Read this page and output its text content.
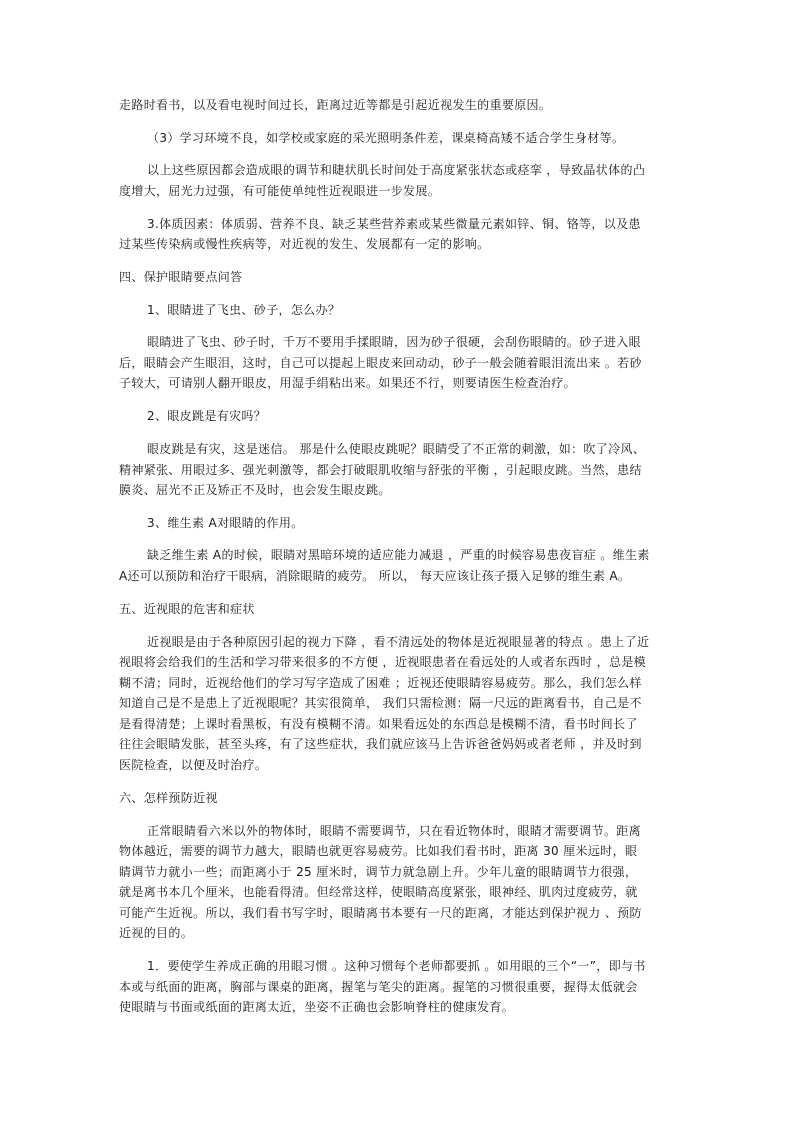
走路时看书，以及看电视时间过长，距离过近等都是引起近视发生的重要原因。
（3）学习环境不良，如学校或家庭的采光照明条件差，课桌椅高矮不适合学生身材等。
以上这些原因都会造成眼的调节和睫状肌长时间处于高度紧张状态或痉挛 ，导致晶状体的凸
度增大，屈光力过强，有可能使单纯性近视眼进一步发展。
3.体质因素：体质弱、营养不良、缺乏某些营养素或某些微量元素如锌、铜、铬等，以及患
过某些传染病或慢性疾病等，对近视的发生、发展都有一定的影响。
四、保护眼睛要点问答
1、眼睛进了飞虫、砂子，怎么办？
眼睛进了飞虫、砂子时，千万不要用手揉眼睛，因为砂子很硬，会刮伤眼睛的。砂子进入眼
后，眼睛会产生眼泪，这时，自己可以提起上眼皮来回动动，砂子一般会随着眼泪流出来 。若砂
子较大，可请别人翻开眼皮，用湿手绢粘出来。如果还不行，则要请医生检查治疗。
2、眼皮跳是有灾吗？
眼皮跳是有灾，这是迷信。 那是什么使眼皮跳呢？眼睛受了不正常的刺激，如：吹了冷风、
精神紧张、用眼过多、强光刺激等，都会打破眼肌收缩与舒张的平衡 ，引起眼皮跳。当然，患结
膜炎、屈光不正及矫正不及时，也会发生眼皮跳。
3、维生素 A对眼睛的作用。
缺乏维生素 A的时候，眼睛对黑暗环境的适应能力减退 ，严重的时候容易患夜盲症 。维生素
A还可以预防和治疗干眼病，消除眼睛的疲劳。 所以， 每天应该让孩子摄入足够的维生素 A。
五、近视眼的危害和症状
近视眼是由于各种原因引起的视力下降 ，看不清远处的物体是近视眼显著的特点 。患上了近
视眼将会给我们的生活和学习带来很多的不方便 ，近视眼患者在看远处的人或者东西时 ，总是模
糊不清；同时，近视给他们的学习写字造成了困难 ；近视还使眼睛容易疲劳。那么，我们怎么样
知道自己是不是患上了近视眼呢？其实很简单， 我们只需检测：隔一尺远的距离看书，自己是不
是看得清楚；上课时看黑板，有没有模糊不清。如果看远处的东西总是模糊不清，看书时间长了
往往会眼睛发胀，甚至头疼，有了这些症状，我们就应该马上告诉爸爸妈妈或者老师 ，并及时到
医院检查，以便及时治疗。
六、怎样预防近视
正常眼睛看六米以外的物体时，眼睛不需要调节，只在看近物体时，眼睛才需要调节。距离
物体越近，需要的调节力越大，眼睛也就更容易疲劳。比如我们看书时，距离 30 厘米远时，眼
睛调节力就小一些；而距离小于 25 厘米时，调节力就急剧上升。少年儿童的眼睛调节力很强，
就是离书本几个厘米，也能看得清。但经常这样，使眼睛高度紧张，眼神经、肌肉过度疲劳，就
可能产生近视。所以，我们看书写字时，眼睛离书本要有一尺的距离，才能达到保护视力 、预防
近视的目的。
1．要使学生养成正确的用眼习惯 。这种习惯每个老师都要抓 。如用眼的三个“一”，即与书
本或与纸面的距离，胸部与课桌的距离，握笔与笔尖的距离。握笔的习惯很重要，握得太低就会
使眼睛与书面或纸面的距离太近，坐姿不正确也会影响脊柱的健康发育。
